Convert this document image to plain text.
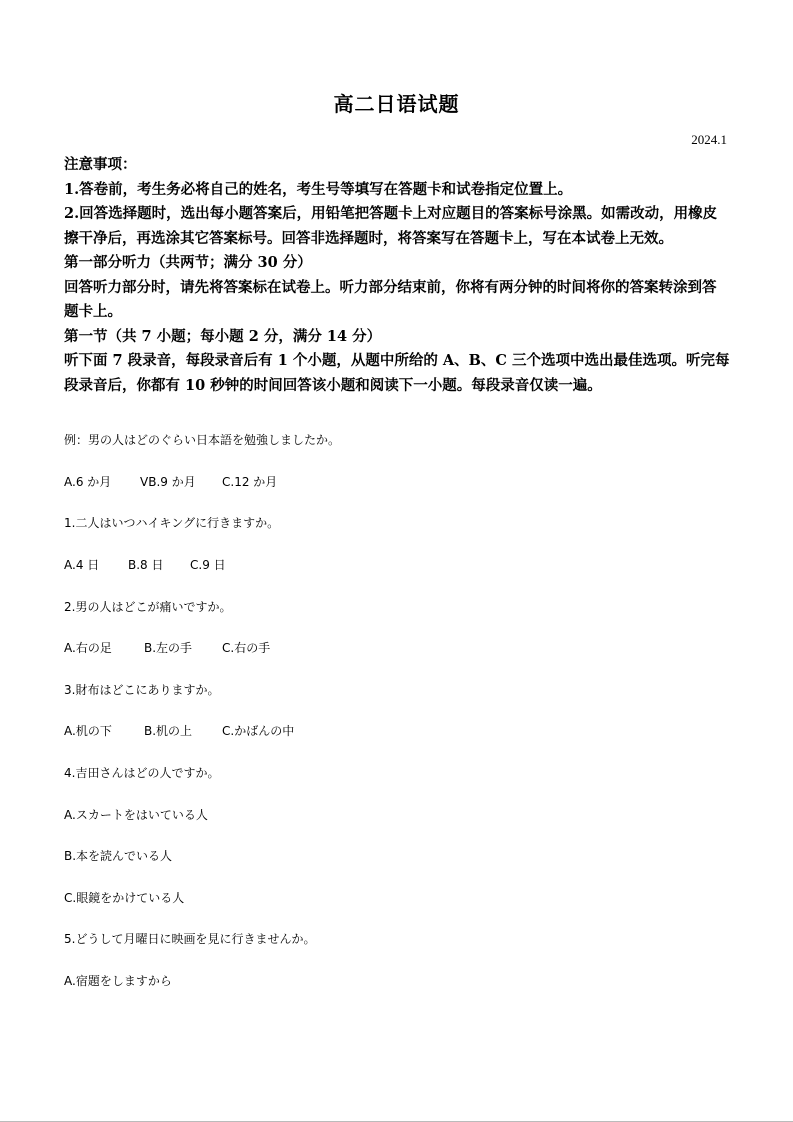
高二日语试题
2024.1

注意事项：

1.答卷前，考生务必将自己的姓名，考生号等填写在答题卡和试卷指定位置上。

2.回答选择题时，选出每小题答案后，用铅笔把答题卡上对应题目的答案标号涂黑。如需改动，用橡皮擦干净后，再选涂其它答案标号。回答非选择题时，将答案写在答题卡上，写在本试卷上无效。

第一部分听力（共两节；满分 30 分）

回答听力部分时，请先将答案标在试卷上。听力部分结束前，你将有两分钟的时间将你的答案转涂到答题卡上。

第一节（共 7 小题；每小题 2 分，满分 14 分）

听下面 7 段录音，每段录音后有 1 个小题，从题中所给的 A、B、C 三个选项中选出最佳选项。听完每段录音后，你都有 10 秒钟的时间回答该小题和阅读下一小题。每段录音仅读一遍。

例：男の人はどのぐらい日本語を勉強しましたか。
A.6 か月 VB.9 か月 C.12 か月
1.二人はいつハイキングに行きますか。
A.4 日 B.8 日 C.9 日
2.男の人はどこが痛いですか。
A.右の足	B.左の手 C.右の手
3.財布はどこにありますか。
A.机の下	B.机の上 C.かばんの中
4.吉田さんはどの人ですか。
A.スカートをはいている人
B.本を読んでいる人
C.眼鏡をかけている人
5.どうして月曜日に映画を見に行きませんか。
A.宿題をしますから
